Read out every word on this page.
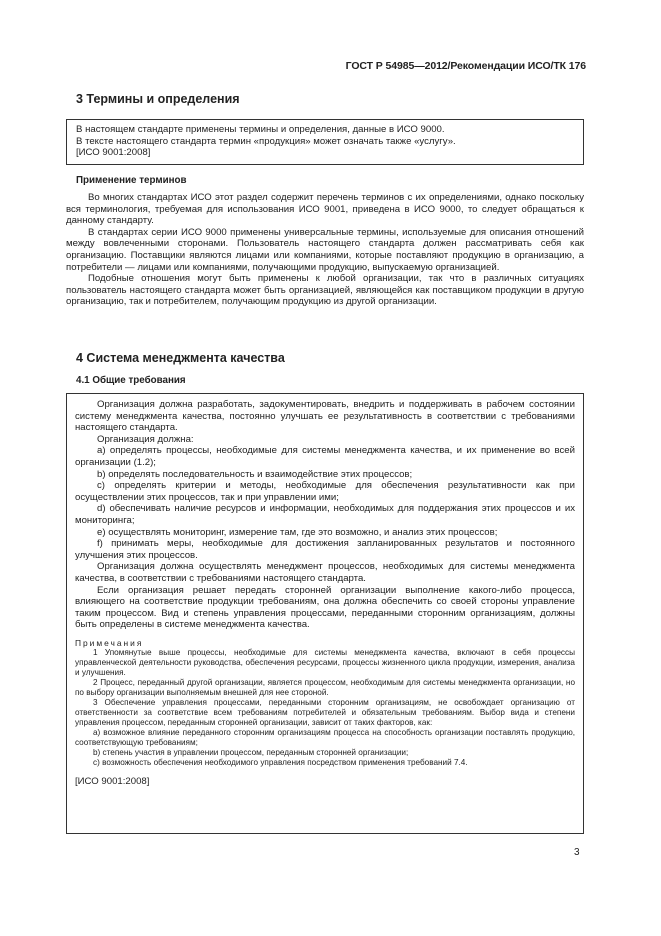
ГОСТ Р 54985—2012/Рекомендации ИСО/ТК 176
3 Термины и определения

В настоящем стандарте применены термины и определения, данные в ИСО 9000.

В тексте настоящего стандарта термин «продукция» может означать также «услугу».

[ИСО 9001:2008]

Применение терминов

Во многих стандартах ИСО этот раздел содержит перечень терминов с их определениями, однако поскольку вся терминология, требуемая для использования ИСО 9001, приведена в ИСО 9000, то следует обращаться к данному стандарту.

В стандартах серии ИСО 9000 применены универсальные термины, используемые для описания отношений между вовлеченными сторонами. Пользователь настоящего стандарта должен рассматривать себя как организацию. Поставщики являются лицами или компаниями, которые поставляют продукцию в организацию, а потребители — лицами или компаниями, получающими продукцию, выпускаемую организацией.

Подобные отношения могут быть применены к любой организации, так что в различных ситуациях пользователь настоящего стандарта может быть организацией, являющейся как поставщиком продукции в другую организацию, так и потребителем, получающим продукцию из другой организации.

4 Система менеджмента качества
4.1 Общие требования

Организация должна разработать, задокументировать, внедрить и поддерживать в рабочем состоянии систему менеджмента качества, постоянно улучшать ее результативность в соответствии с требованиями настоящего стандарта.

Организация должна:

a) определять процессы, необходимые для системы менеджмента качества, и их применение во всей организации (1.2);

b) определять последовательность и взаимодействие этих процессов;

c) определять критерии и методы, необходимые для обеспечения результативности как при осуществлении этих процессов, так и при управлении ими;

d) обеспечивать наличие ресурсов и информации, необходимых для поддержания этих процессов и их мониторинга;

e) осуществлять мониторинг, измерение там, где это возможно, и анализ этих процессов;

f) принимать меры, необходимые для достижения запланированных результатов и постоянного улучшения этих процессов.

Организация должна осуществлять менеджмент процессов, необходимых для системы менеджмента качества, в соответствии с требованиями настоящего стандарта.

Если организация решает передать сторонней организации выполнение какого-либо процесса, влияющего на соответствие продукции требованиям, она должна обеспечить со своей стороны управление таким процессом. Вид и степень управления процессами, переданными сторонним организациям, должны быть определены в системе менеджмента качества.

Примечания

1 Упомянутые выше процессы, необходимые для системы менеджмента качества, включают в себя процессы управленческой деятельности руководства, обеспечения ресурсами, процессы жизненного цикла продукции, измерения, анализа и улучшения.

2 Процесс, переданный другой организации, является процессом, необходимым для системы менеджмента организации, но по выбору организации выполняемым внешней для нее стороной.

3 Обеспечение управления процессами, переданными сторонним организациям, не освобождает организацию от ответственности за соответствие всем требованиям потребителей и обязательным требованиям. Выбор вида и степени управления процессом, переданным сторонней организации, зависит от таких факторов, как:

a) возможное влияние переданного сторонним организациям процесса на способность организации поставлять продукцию, соответствующую требованиям;

b) степень участия в управлении процессом, переданным сторонней организации;

c) возможность обеспечения необходимого управления посредством применения требований 7.4.

[ИСО 9001:2008]

3
